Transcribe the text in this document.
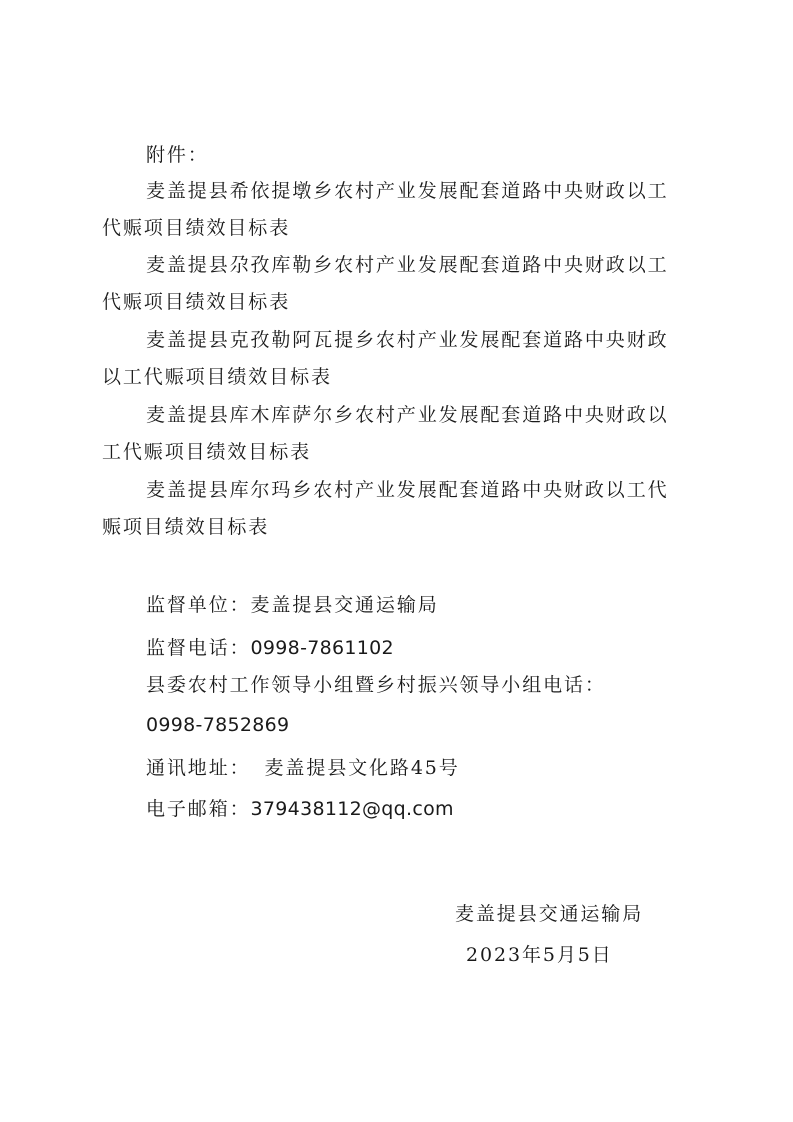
附件：
麦盖提县希依提墩乡农村产业发展配套道路中央财政以工
代赈项目绩效目标表
麦盖提县尕孜库勒乡农村产业发展配套道路中央财政以工
代赈项目绩效目标表
麦盖提县克孜勒阿瓦提乡农村产业发展配套道路中央财政
以工代赈项目绩效目标表
麦盖提县库木库萨尔乡农村产业发展配套道路中央财政以
工代赈项目绩效目标表
麦盖提县库尔玛乡农村产业发展配套道路中央财政以工代
赈项目绩效目标表
监督单位：麦盖提县交通运输局
监督电话：0998-7861102
县委农村工作领导小组暨乡村振兴领导小组电话：
0998-7852869
通讯地址： 麦盖提县文化路45号
电子邮箱：379438112@qq.com
麦盖提县交通运输局
2023年5月5日
